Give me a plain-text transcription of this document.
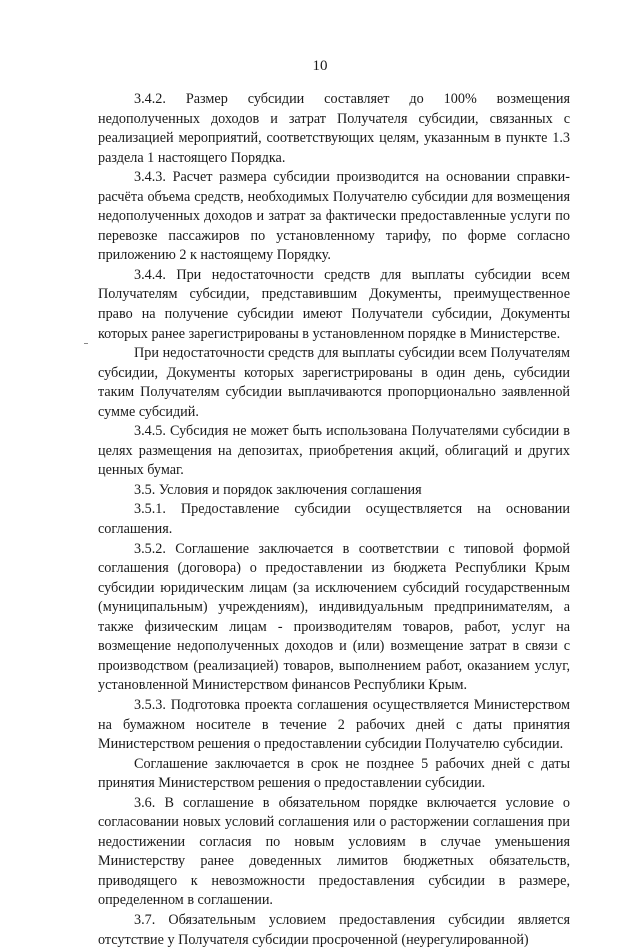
10

3.4.2. Размер субсидии составляет до 100% возмещения недополученных доходов и затрат Получателя субсидии, связанных с реализацией мероприятий, соответствующих целям, указанным в пункте 1.3 раздела 1 настоящего Порядка.

3.4.3. Расчет размера субсидии производится на основании справки-расчёта объема средств, необходимых Получателю субсидии для возмещения недополученных доходов и затрат за фактически предоставленные услуги по перевозке пассажиров по установленному тарифу, по форме согласно приложению 2 к настоящему Порядку.

3.4.4. При недостаточности средств для выплаты субсидии всем Получателям субсидии, представившим Документы, преимущественное право на получение субсидии имеют Получатели субсидии, Документы которых ранее зарегистрированы в установленном порядке в Министерстве.

При недостаточности средств для выплаты субсидии всем Получателям субсидии, Документы которых зарегистрированы в один день, субсидии таким Получателям субсидии выплачиваются пропорционально заявленной сумме субсидий.

3.4.5. Субсидия не может быть использована Получателями субсидии в целях размещения на депозитах, приобретения акций, облигаций и других ценных бумаг.

3.5. Условия и порядок заключения соглашения

3.5.1. Предоставление субсидии осуществляется на основании соглашения.

3.5.2. Соглашение заключается в соответствии с типовой формой соглашения (договора) о предоставлении из бюджета Республики Крым субсидии юридическим лицам (за исключением субсидий государственным (муниципальным) учреждениям), индивидуальным предпринимателям, а также физическим лицам - производителям товаров, работ, услуг на возмещение недополученных доходов и (или) возмещение затрат в связи с производством (реализацией) товаров, выполнением работ, оказанием услуг, установленной Министерством финансов Республики Крым.

3.5.3. Подготовка проекта соглашения осуществляется Министерством на бумажном носителе в течение 2 рабочих дней с даты принятия Министерством решения о предоставлении субсидии Получателю субсидии.

Соглашение заключается в срок не позднее 5 рабочих дней с даты принятия Министерством решения о предоставлении субсидии.

3.6. В соглашение в обязательном порядке включается условие о согласовании новых условий соглашения или о расторжении соглашения при недостижении согласия по новым условиям в случае уменьшения Министерству ранее доведенных лимитов бюджетных обязательств, приводящего к невозможности предоставления субсидии в размере, определенном в соглашении.

3.7. Обязательным условием предоставления субсидии является отсутствие у Получателя субсидии просроченной (неурегулированной)
